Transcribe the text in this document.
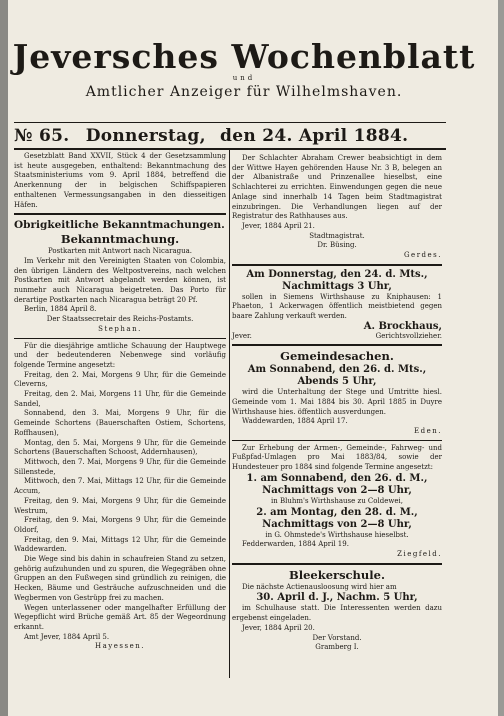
Jeversches Wochenblatt
und
Amtlicher Anzeiger für Wilhelmshaven.
№ 65. Donnerstag, den 24. April 1884.

Gesetzblatt Band XXVII, Stück 4 der Gesetzsammlung ist heute ausgegeben, enthaltend: Bekanntmachung des Staatsministeriums vom 9. April 1884, betreffend die Anerkennung der in belgischen Schiffspapieren enthaltenen Vermessungsangaben in den diesseitigen Häfen.

Obrigkeitliche Bekanntmachungen.
Bekanntmachung.

Postkarten mit Antwort nach Nicaragua.

Im Verkehr mit den Vereinigten Staaten von Colombia, den übrigen Ländern des Weltpostvereins, nach welchen Postkarten mit Antwort abgelandt werden können, ist nunmehr auch Nicaragua beigetreten. Das Porto für derartige Postkarten nach Nicaragua beträgt 20 Pf.

Berlin, 1884 April 8.

Der Staatssecretair des Reichs-Postamts.

Stephan.

Für die diesjährige amtliche Schauung der Hauptwege und der bedeutenderen Nebenwege sind vorläufig folgende Termine angesetzt:

Freitag, den 2. Mai, Morgens 9 Uhr, für die Gemeinde Cleverns,

Freitag, den 2. Mai, Morgens 11 Uhr, für die Gemeinde Sandel,

Sonnabend, den 3. Mai, Morgens 9 Uhr, für die Gemeinde Schortens (Bauerschaften Ostiem, Schortens, Roffhausen),

Montag, den 5. Mai, Morgens 9 Uhr, für die Gemeinde Schortens (Bauerschaften Schoost, Addernhausen),

Mittwoch, den 7. Mai, Morgens 9 Uhr, für die Gemeinde Sillenstede,

Mittwoch, den 7. Mai, Mittags 12 Uhr, für die Gemeinde Accum,

Freitag, den 9. Mai, Morgens 9 Uhr, für die Gemeinde Westrum,

Freitag, den 9. Mai, Morgens 9 Uhr, für die Gemeinde Oldorf,

Freitag, den 9. Mai, Mittags 12 Uhr, für die Gemeinde Waddewarden.

Die Wege sind bis dahin in schaufreien Stand zu setzen, gehörig aufzuhunden und zu spuren, die Wegegräben ohne Gruppen an den Fußwegen sind gründlich zu reinigen, die Hecken, Bäume und Gesträuche aufzuschneiden und die Wegbermen von Gestrüpp frei zu machen.

Wegen unterlassener oder mangelhafter Erfüllung der Wegepflicht wird Brüche gemäß Art. 85 der Wegeordnung erkannt.

Amt Jever, 1884 April 5.

Hayessen.

Der Schlachter Abraham Crewer beabsichtigt in dem der Wittwe Hayen gehörenden Hause Nr. 3 B, belegen an der Albanistraße und Prinzenallee hieselbst, eine Schlachterei zu errichten. Einwendungen gegen die neue Anlage sind innerhalb 14 Tagen beim Stadtmagistrat einzubringen. Die Verhandlungen liegen auf der Registratur des Rathhauses aus.

Jever, 1884 April 21.

Stadtmagistrat.

Dr. Büsing.

Gerdes.

Am Donnerstag, den 24. d. Mts.,
Nachmittags 3 Uhr,

sollen in Siemens Wirthshause zu Kniphausen: 1 Phaeton, 1 Ackerwagen öffentlich meistbietend gegen baare Zahlung verkauft werden.

A. Brockhaus,

Jever.	Gerichtsvollzieher.
Gemeindesachen.
Am Sonnabend, den 26. d. Mts.,
Abends 5 Uhr,

wird die Unterhaltung der Stege und Umtritte hiesl. Gemeinde vom 1. Mai 1884 bis 30. April 1885 in Duyre Wirthshause hies. öffentlich ausverdungen.

Waddewarden, 1884 April 17.

Eden.

Zur Erhebung der Armen-, Gemeinde-, Fahrweg- und Fußpfad-Umlagen pro Mai 1883/84, sowie der Hundesteuer pro 1884 sind folgende Termine angesetzt:

1. am Sonnabend, den 26. d. M.,
Nachmittags von 2—8 Uhr,

in Bluhm's Wirthshause zu Coldewei,

2. am Montag, den 28. d. M.,
Nachmittags von 2—8 Uhr,

in G. Ohmstede's Wirthshause hieselbst.

Fedderwarden, 1884 April 19.

Ziegfeld.

Bleekerschule.

Die nächste Actienausloosung wird hier am

30. April d. J., Nachm. 5 Uhr,

im Schulhause statt. Die Interessenten werden dazu ergebenst eingeladen.

Jever, 1884 April 20.

Der Vorstand.

Gramberg I.
